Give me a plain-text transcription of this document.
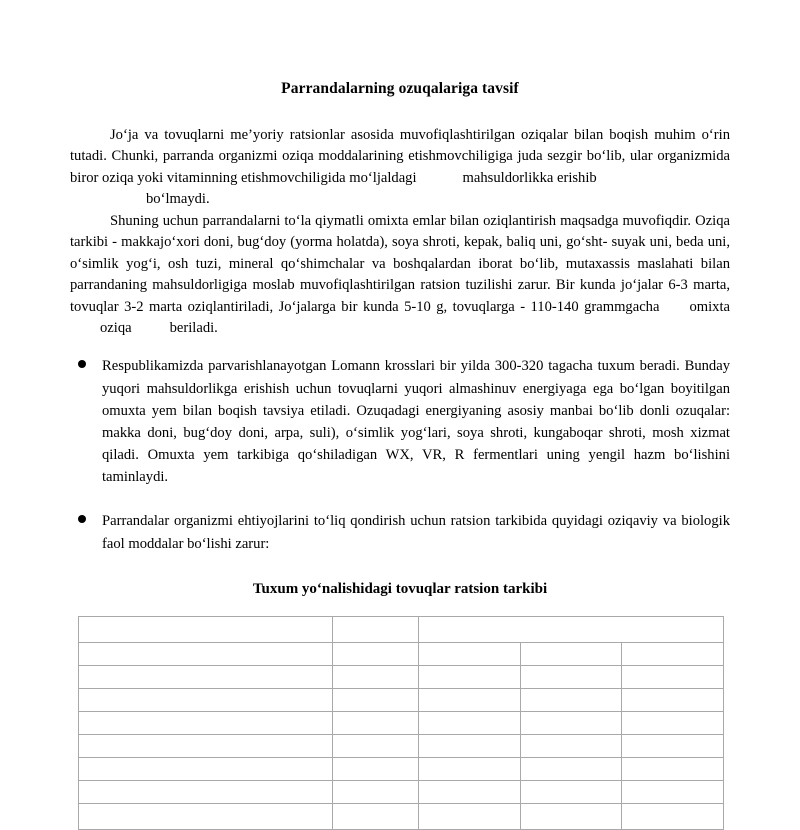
Parrandalarning ozuqalariga tavsif

Jo‘ja va tovuqlarni me’yoriy ratsionlar asosida muvofiqlashtirilgan oziqalar bilan boqish muhim o‘rin tutadi. Chunki, parranda organizmi oziqa moddalarining etishmovchiligiga juda sezgir bo‘lib, ular organizmida biror oziqa yoki vitaminning etishmovchiligida mo‘ljaldagi	mahsuldorlikka erishib
bo‘lmaydi.

Shuning uchun parrandalarni to‘la qiymatli omixta emlar bilan oziqlantirish maqsadga muvofiqdir. Oziqa tarkibi - makkajo‘xori doni, bug‘doy (yorma holatda), soya shroti, kepak, baliq uni, go‘sht- suyak uni, beda uni, o‘simlik yog‘i, osh tuzi, mineral qo‘shimchalar va boshqalardan iborat bo‘lib, mutaxassis maslahati bilan parrandaning mahsuldorligiga moslab muvofiqlashtirilgan ratsion tuzilishi zarur. Bir kunda jo‘jalar 6-3 marta, tovuqlar 3-2 marta oziqlantiriladi, Jo‘jalarga bir kunda 5-10 g, tovuqlarga - 110-140 grammgacha omixtaoziqa	beriladi.

Respublikamizda parvarishlanayotgan Lomann krosslari bir yilda 300-320 tagacha tuxum beradi. Bunday yuqori mahsuldorlikga erishish uchun tovuqlarni yuqori almashinuv energiyaga ega bo‘lgan boyitilgan omuxta yem bilan boqish tavsiya etiladi. Ozuqadagi energiyaning asosiy manbai bo‘lib donli ozuqalar: makka doni, bug‘doy doni, arpa, suli), o‘simlik yog‘lari, soya shroti, kungaboqar shroti, mosh xizmat qiladi. Omuxta yem tarkibiga qo‘shiladigan WX, VR, R fermentlari uning yengil hazm bo‘lishini taminlaydi.

Parrandalar organizmi ehtiyojlarini to‘liq qondirish uchun ratsion tarkibida quyidagi oziqaviy va biologik faol moddalar bo‘lishi zarur:

Tuxum yo‘nalishidagi tovuqlar ratsion tarkibi
